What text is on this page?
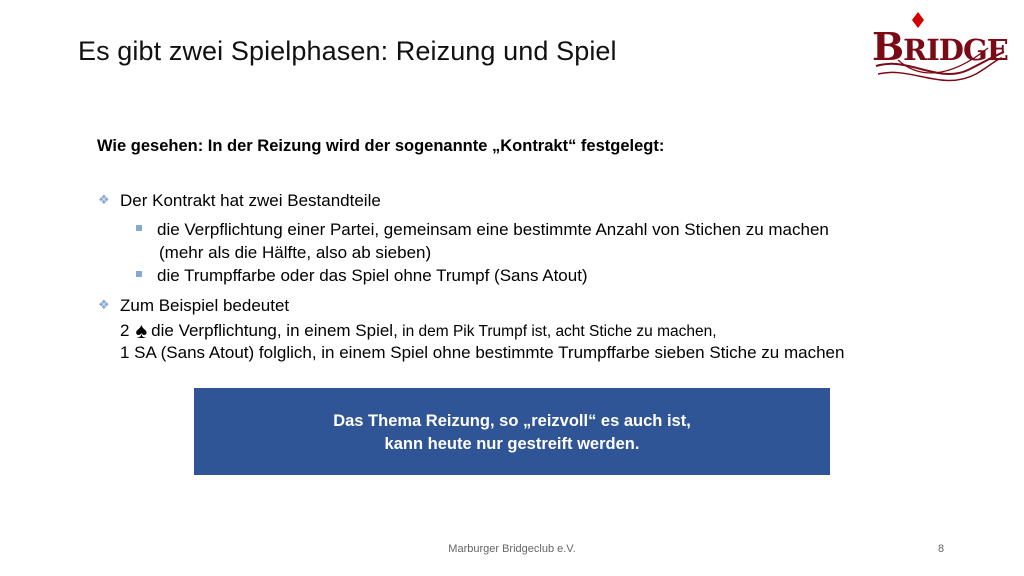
Es gibt zwei Spielphasen: Reizung und Spiel	BRIDGE
Wie gesehen: In der Reizung wird der sogenannte „Kontrakt“ festgelegt:
❖ Der Kontrakt hat zwei Bestandteile
die Verpflichtung einer Partei, gemeinsam eine bestimmte Anzahl von Stichen zu machen
(mehr als die Hälfte, also ab sieben)
die Trumpffarbe oder das Spiel ohne Trumpf (Sans Atout)
❖ Zum Beispiel bedeutet
2 ♠ die Verpflichtung, in einem Spiel, in dem Pik Trumpf ist, acht Stiche zu machen,
1 SA (Sans Atout) folglich, in einem Spiel ohne bestimmte Trumpffarbe sieben Stiche zu machen
Das Thema Reizung, so „reizvoll“ es auch ist,
kann heute nur gestreift werden.
Marburger Bridgeclub e.V.	8
